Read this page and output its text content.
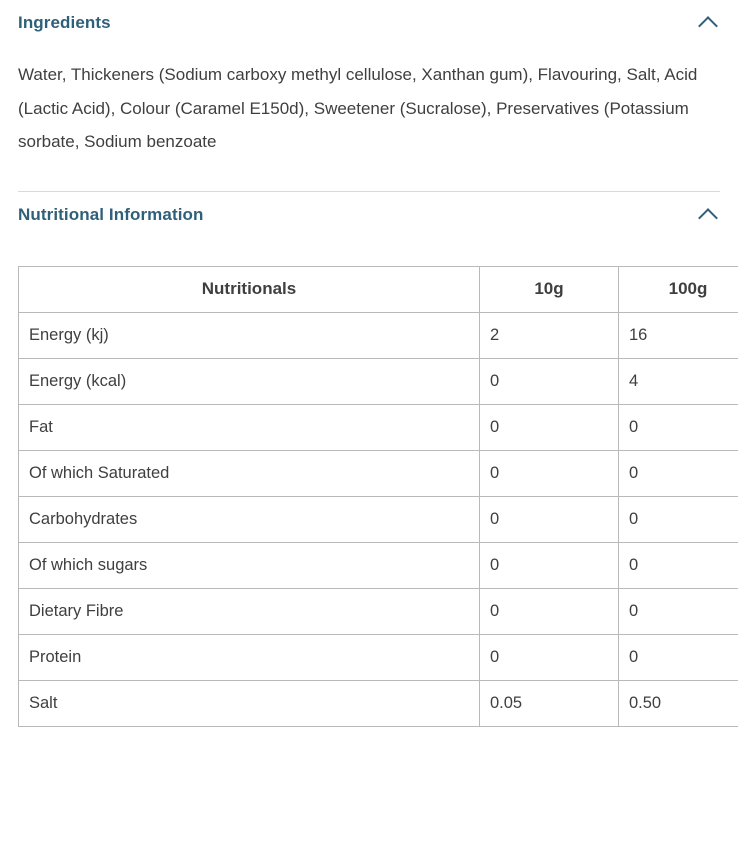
Ingredients

Water, Thickeners (Sodium carboxy methyl cellulose, Xanthan gum), Flavouring, Salt, Acid (Lactic Acid), Colour (Caramel E150d), Sweetener (Sucralose), Preservatives (Potassium sorbate, Sodium benzoate

Nutritional Information
Nutritionals	10g	100g
Energy (kj)	2	16
Energy (kcal)	0	4
Fat	0	0
Of which Saturated	0	0
Carbohydrates	0	0
Of which sugars	0	0
Dietary Fibre	0	0
Protein	0	0
Salt	0.05	0.50
